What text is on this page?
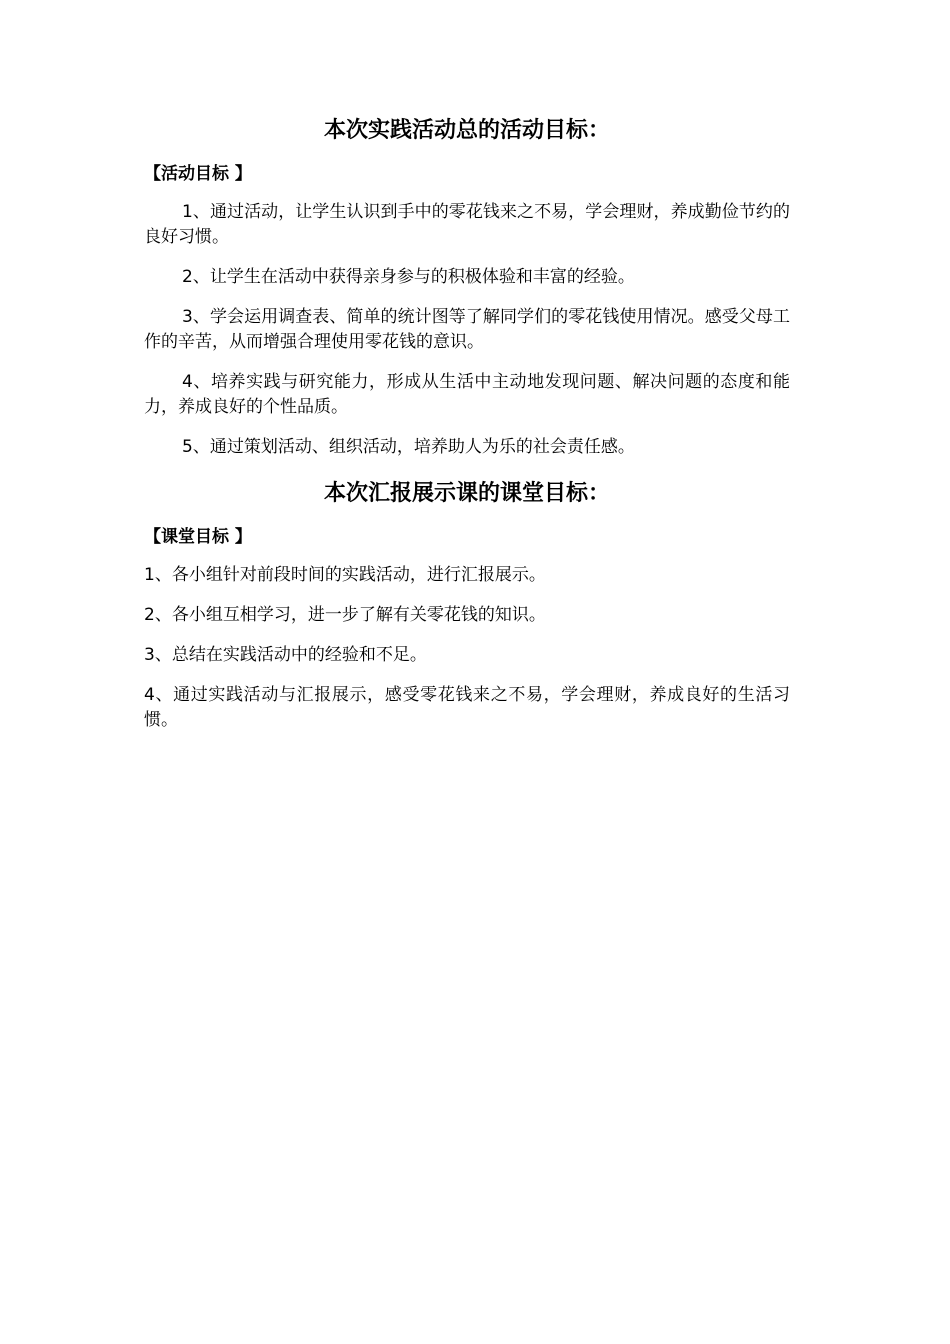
本次实践活动总的活动目标：

【活动目标 】

1、通过活动，让学生认识到手中的零花钱来之不易，学会理财，养成勤俭节约的良好习惯。

2、让学生在活动中获得亲身参与的积极体验和丰富的经验。

3、学会运用调查表、简单的统计图等了解同学们的零花钱使用情况。感受父母工作的辛苦，从而增强合理使用零花钱的意识。

4、培养实践与研究能力，形成从生活中主动地发现问题、解决问题的态度和能力，养成良好的个性品质。

5、通过策划活动、组织活动，培养助人为乐的社会责任感。

本次汇报展示课的课堂目标：

【课堂目标 】

1、各小组针对前段时间的实践活动，进行汇报展示。

2、各小组互相学习，进一步了解有关零花钱的知识。

3、总结在实践活动中的经验和不足。

4、通过实践活动与汇报展示，感受零花钱来之不易，学会理财，养成良好的生活习惯。
